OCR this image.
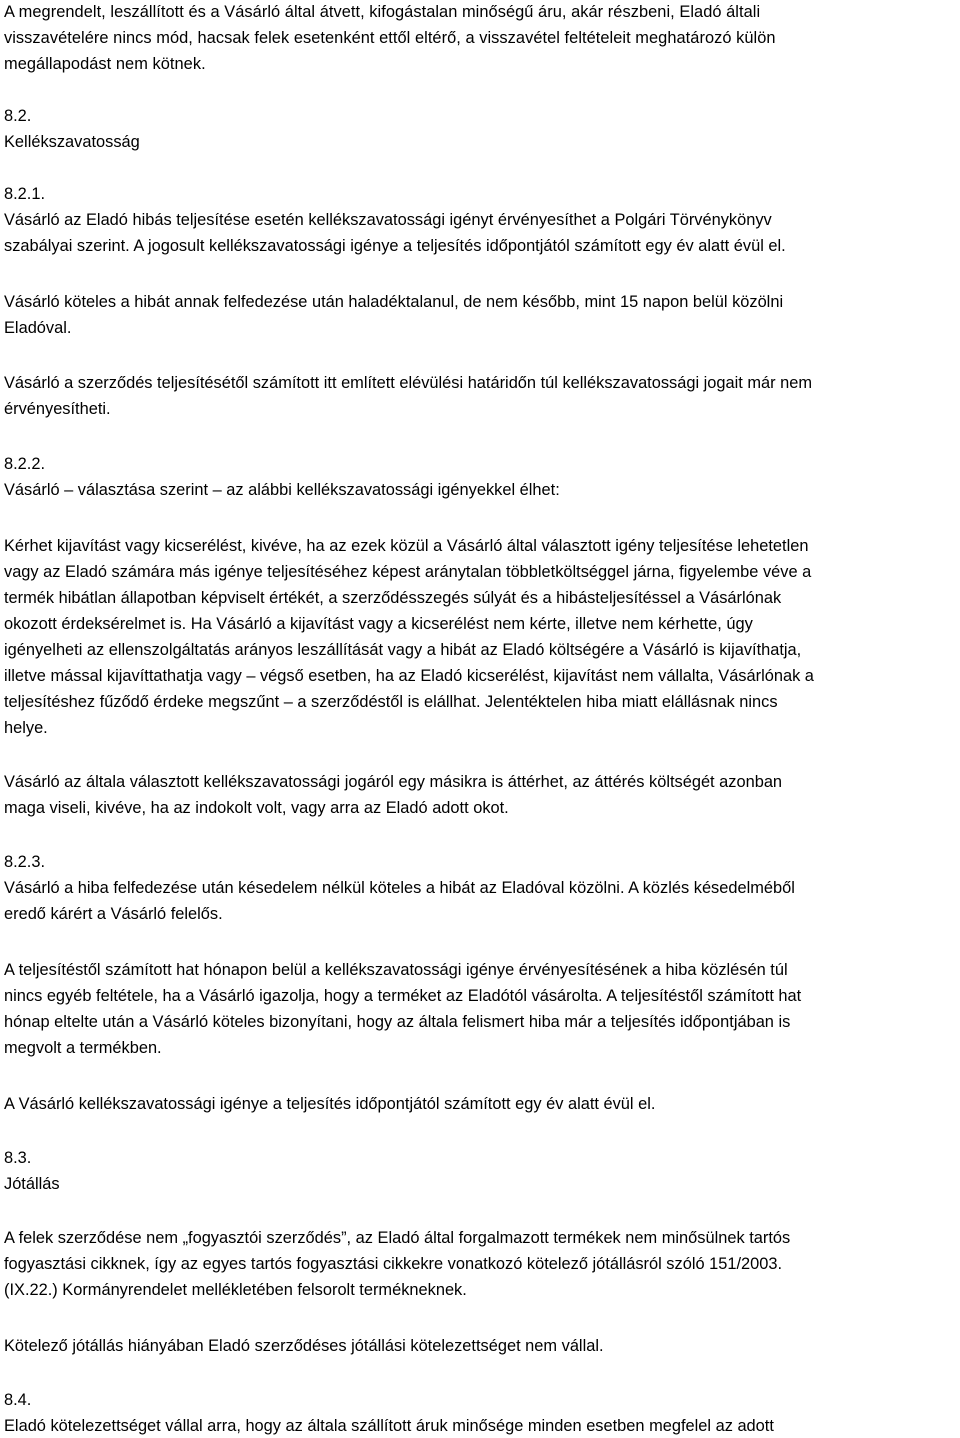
A megrendelt, leszállított és a Vásárló által átvett, kifogástalan minőségű áru, akár részbeni, Eladó általi
visszavételére nincs mód, hacsak felek esetenként ettől eltérő, a visszavétel feltételeit meghatározó külön
megállapodást nem kötnek.
8.2.
Kellékszavatosság
8.2.1.
Vásárló az Eladó hibás teljesítése esetén kellékszavatossági igényt érvényesíthet a Polgári Törvénykönyv
szabályai szerint. A jogosult kellékszavatossági igénye a teljesítés időpontjától számított egy év alatt évül el.
Vásárló köteles a hibát annak felfedezése után haladéktalanul, de nem később, mint 15 napon belül közölni
Eladóval.
Vásárló a szerződés teljesítésétől számított itt említett elévülési határidőn túl kellékszavatossági jogait már nem
érvényesítheti.
8.2.2.
Vásárló – választása szerint – az alábbi kellékszavatossági igényekkel élhet:
Kérhet kijavítást vagy kicserélést, kivéve, ha az ezek közül a Vásárló által választott igény teljesítése lehetetlen
vagy az Eladó számára más igénye teljesítéséhez képest aránytalan többletköltséggel járna, figyelembe véve a
termék hibátlan állapotban képviselt értékét, a szerződésszegés súlyát és a hibásteljesítéssel a Vásárlónak
okozott érdeksérelmet is. Ha Vásárló a kijavítást vagy a kicserélést nem kérte, illetve nem kérhette, úgy
igényelheti az ellenszolgáltatás arányos leszállítását vagy a hibát az Eladó költségére a Vásárló is kijavíthatja,
illetve mással kijavíttathatja vagy – végső esetben, ha az Eladó kicserélést, kijavítást nem vállalta, Vásárlónak a
teljesítéshez fűződő érdeke megszűnt – a szerződéstől is elállhat. Jelentéktelen hiba miatt elállásnak nincs
helye.
Vásárló az általa választott kellékszavatossági jogáról egy másikra is áttérhet, az áttérés költségét azonban
maga viseli, kivéve, ha az indokolt volt, vagy arra az Eladó adott okot.
8.2.3.
Vásárló a hiba felfedezése után késedelem nélkül köteles a hibát az Eladóval közölni. A közlés késedelméből
eredő kárért a Vásárló felelős.
A teljesítéstől számított hat hónapon belül a kellékszavatossági igénye érvényesítésének a hiba közlésén túl
nincs egyéb feltétele, ha a Vásárló igazolja, hogy a terméket az Eladótól vásárolta. A teljesítéstől számított hat
hónap eltelte után a Vásárló köteles bizonyítani, hogy az általa felismert hiba már a teljesítés időpontjában is
megvolt a termékben.
A Vásárló kellékszavatossági igénye a teljesítés időpontjától számított egy év alatt évül el.
8.3.
Jótállás
A felek szerződése nem „fogyasztói szerződés”, az Eladó által forgalmazott termékek nem minősülnek tartós
fogyasztási cikknek, így az egyes tartós fogyasztási cikkekre vonatkozó kötelező jótállásról szóló 151/2003.
(IX.22.) Kormányrendelet mellékletében felsorolt termékneknek.
Kötelező jótállás hiányában Eladó szerződéses jótállási kötelezettséget nem vállal.
8.4.
Eladó kötelezettséget vállal arra, hogy az általa szállított áruk minősége minden esetben megfelel az adott
